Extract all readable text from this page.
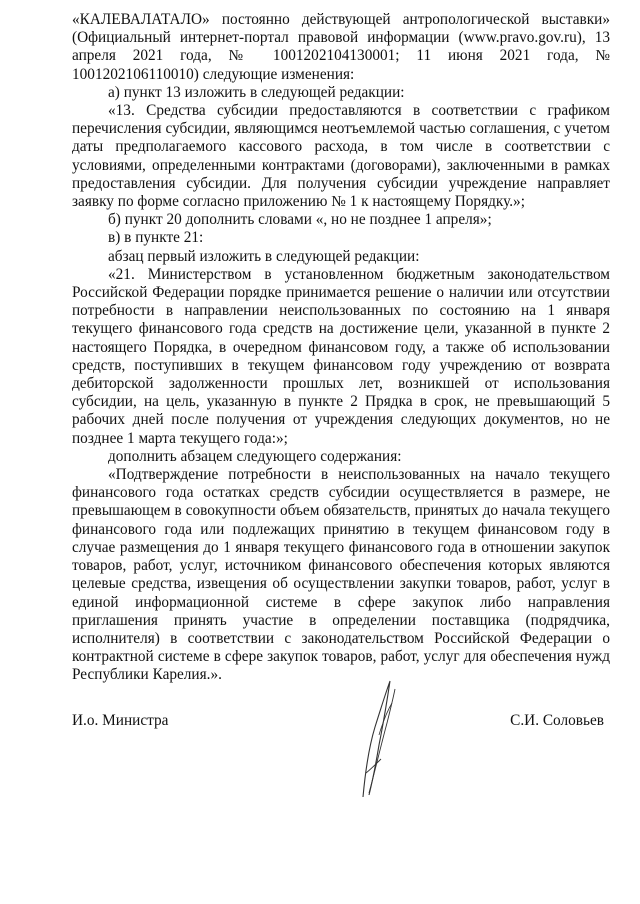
«КАЛЕВАЛАТАЛО» постоянно действующей антропологической выставки» (Официальный интернет-портал правовой информации (www.pravo.gov.ru), 13 апреля 2021 года, № 1001202104130001; 11 июня 2021 года, № 1001202106110010) следующие изменения:

а) пункт 13 изложить в следующей редакции:

«13. Средства субсидии предоставляются в соответствии с графиком перечисления субсидии, являющимся неотъемлемой частью соглашения, с учетом даты предполагаемого кассового расхода, в том числе в соответствии с условиями, определенными контрактами (договорами), заключенными в рамках предоставления субсидии. Для получения субсидии учреждение направляет заявку по форме согласно приложению № 1 к настоящему Порядку.»;

б) пункт 20 дополнить словами «, но не позднее 1 апреля»;

в) в пункте 21:

абзац первый изложить в следующей редакции:

«21. Министерством в установленном бюджетным законодательством Российской Федерации порядке принимается решение о наличии или отсутствии потребности в направлении неиспользованных по состоянию на 1 января текущего финансового года средств на достижение цели, указанной в пункте 2 настоящего Порядка, в очередном финансовом году, а также об использовании средств, поступивших в текущем финансовом году учреждению от возврата дебиторской задолженности прошлых лет, возникшей от использования субсидии, на цель, указанную в пункте 2 Прядка в срок, не превышающий 5 рабочих дней после получения от учреждения следующих документов, но не позднее 1 марта текущего года:»;

дополнить абзацем следующего содержания:

«Подтверждение потребности в неиспользованных на начало текущего финансового года остатках средств субсидии осуществляется в размере, не превышающем в совокупности объем обязательств, принятых до начала текущего финансового года или подлежащих принятию в текущем финансовом году в случае размещения до 1 января текущего финансового года в отношении закупок товаров, работ, услуг, источником финансового обеспечения которых являются целевые средства, извещения об осуществлении закупки товаров, работ, услуг в единой информационной системе в сфере закупок либо направления приглашения принять участие в определении поставщика (подрядчика, исполнителя) в соответствии с законодательством Российской Федерации о контрактной системе в сфере закупок товаров, работ, услуг для обеспечения нужд Республики Карелия.».

И.о. Министра	С.И. Соловьев
